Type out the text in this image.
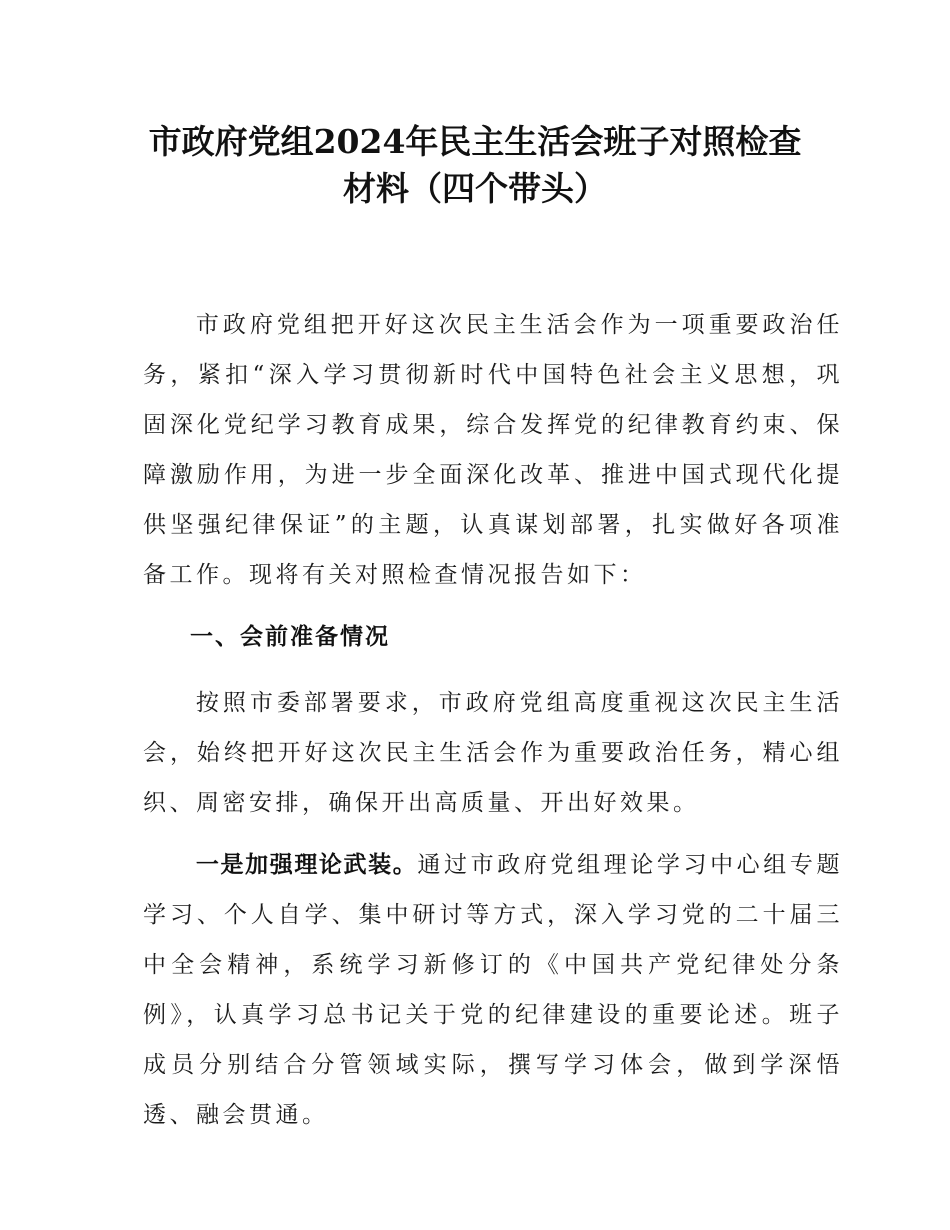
市政府党组2024年民主生活会班子对照检查
材料（四个带头）

市政府党组把开好这次民主生活会作为一项重要政治任务，紧扣“深入学习贯彻新时代中国特色社会主义思想，巩固深化党纪学习教育成果，综合发挥党的纪律教育约束、保障激励作用，为进一步全面深化改革、推进中国式现代化提供坚强纪律保证”的主题，认真谋划部署，扎实做好各项准备工作。现将有关对照检查情况报告如下：

一、会前准备情况

按照市委部署要求，市政府党组高度重视这次民主生活会，始终把开好这次民主生活会作为重要政治任务，精心组织、周密安排，确保开出高质量、开出好效果。

一是加强理论武装。通过市政府党组理论学习中心组专题学习、个人自学、集中研讨等方式，深入学习党的二十届三中全会精神，系统学习新修订的《中国共产党纪律处分条例》，认真学习总书记关于党的纪律建设的重要论述。班子成员分别结合分管领域实际，撰写学习体会，做到学深悟透、融会贯通。
